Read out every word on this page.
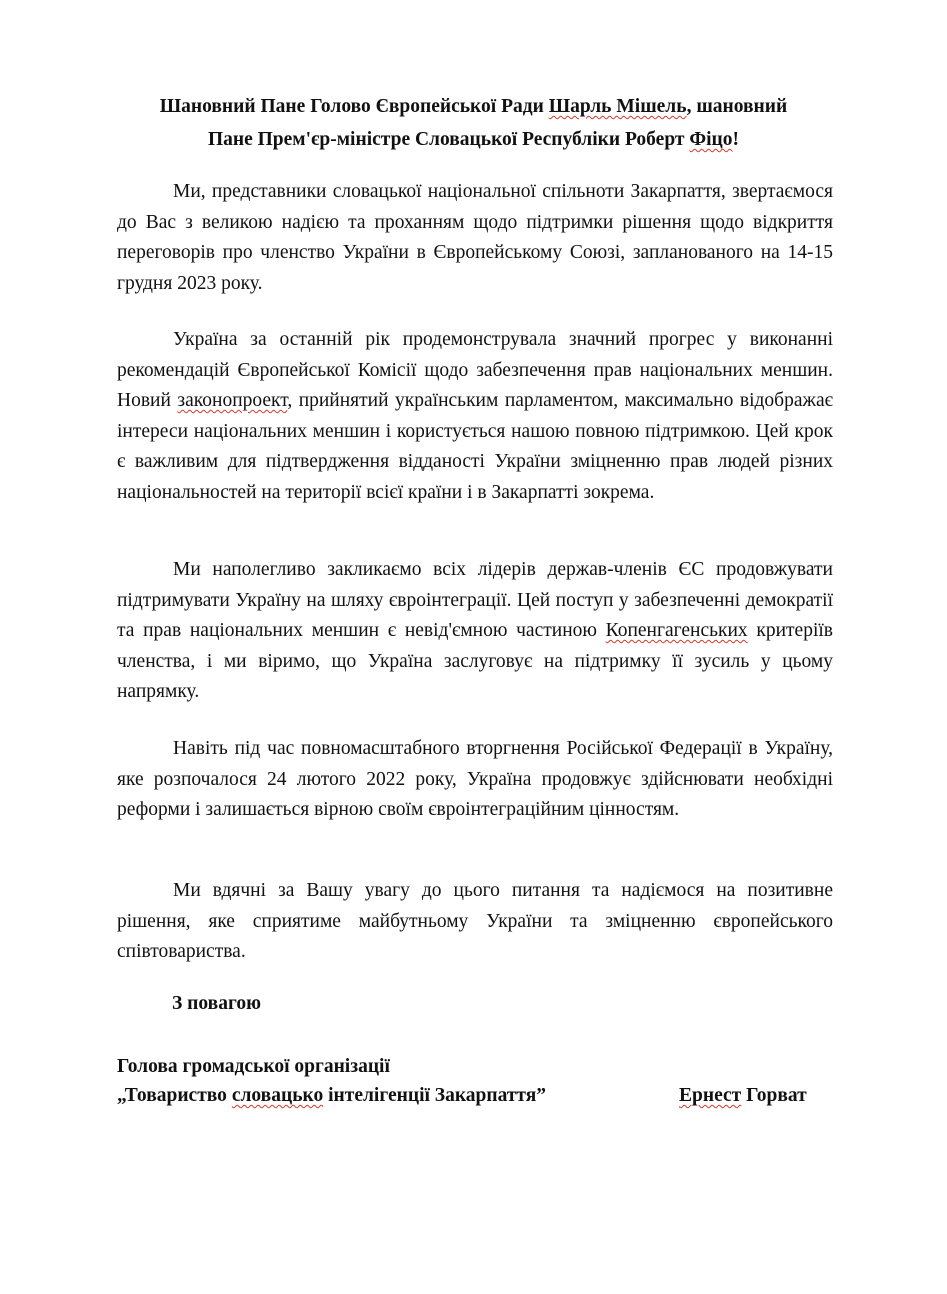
Шановний Пане Голово Європейської Ради Шарль Мішель, шановний
Пане Прем'єр-міністре Словацької Республіки Роберт Фіцо!

Ми, представники словацької національної спільноти Закарпаття, звертаємося до Вас з великою надією та проханням щодо підтримки рішення щодо відкриття переговорів про членство України в Європейському Союзі, запланованого на 14-15 грудня 2023 року.

Україна за останній рік продемонструвала значний прогрес у виконанні рекомендацій Європейської Комісії щодо забезпечення прав національних меншин. Новий законопроект, прийнятий українським парламентом, максимально відображає інтереси національних меншин і користується нашою повною підтримкою. Цей крок є важливим для підтвердження відданості України зміцненню прав людей різних національностей на території всієї країни і в Закарпатті зокрема.

Ми наполегливо закликаємо всіх лідерів держав-членів ЄС продовжувати підтримувати Україну на шляху євроінтеграції. Цей поступ у забезпеченні демократії та прав національних меншин є невід'ємною частиною Копенгагенських критеріїв членства, і ми віримо, що Україна заслуговує на підтримку її зусиль у цьому напрямку.

Навіть під час повномасштабного вторгнення Російської Федерації в Україну, яке розпочалося 24 лютого 2022 року, Україна продовжує здійснювати необхідні реформи і залишається вірною своїм євроінтеграційним цінностям.

Ми вдячні за Вашу увагу до цього питання та надіємося на позитивне рішення, яке сприятиме майбутньому України та зміцненню європейського співтовариства.

З повагою
Голова громадської організації
„Товариство словацько інтелігенції Закарпаття”	Ернест Горват
